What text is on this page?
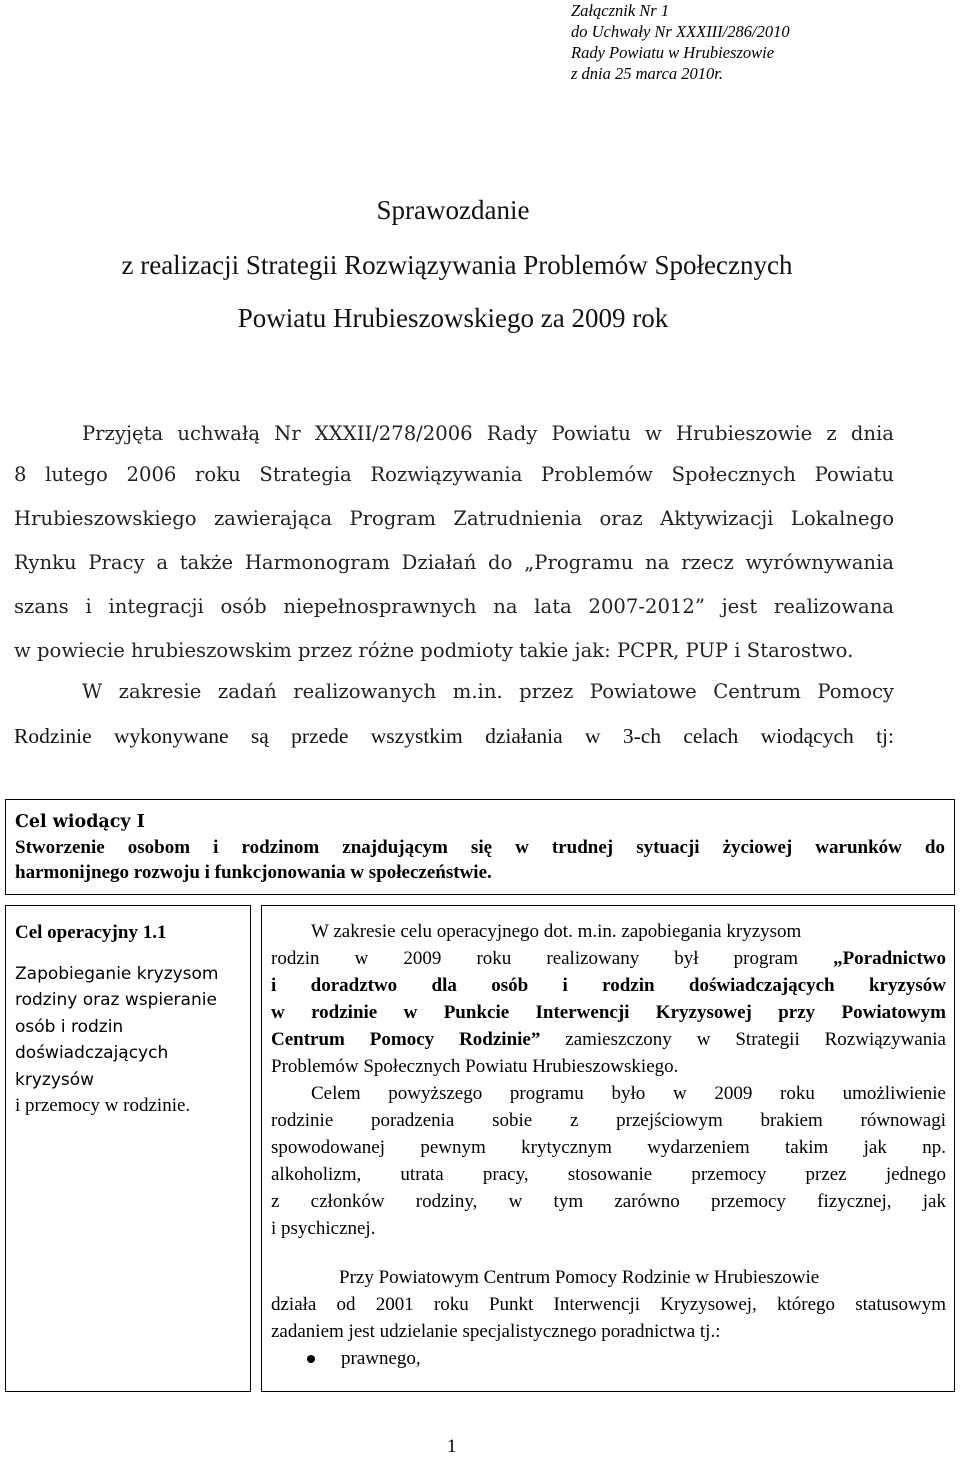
Załącznik Nr 1
do Uchwały Nr XXXIII/286/2010
Rady Powiatu w Hrubieszowie
z dnia 25 marca 2010r.
Sprawozdanie
z realizacji Strategii Rozwiązywania Problemów Społecznych
Powiatu Hrubieszowskiego za 2009 rok
Przyjęta uchwałą Nr XXXII/278/2006 Rady Powiatu w Hrubieszowie z dnia
8 lutego 2006 roku Strategia Rozwiązywania Problemów Społecznych Powiatu
Hrubieszowskiego zawierająca Program Zatrudnienia oraz Aktywizacji Lokalnego
Rynku Pracy a także Harmonogram Działań do „Programu na rzecz wyrównywania
szans i integracji osób niepełnosprawnych na lata 2007-2012” jest realizowana
w powiecie hrubieszowskim przez różne podmioty takie jak: PCPR, PUP i Starostwo.
W zakresie zadań realizowanych m.in. przez Powiatowe Centrum Pomocy
Rodzinie wykonywane są przede wszystkim działania w 3-ch celach wiodących tj:
Cel wiodący I
Stworzenie osobom i rodzinom znajdującym się w trudnej sytuacji życiowej warunków do
harmonijnego rozwoju i funkcjonowania w społeczeństwie.
Cel operacyjny 1.1
Zapobieganie kryzysom
rodziny oraz wspieranie
osób i rodzin
doświadczających
kryzysów
i przemocy w rodzinie.
W zakresie celu operacyjnego dot. m.in. zapobiegania kryzysom
rodzin w 2009 roku realizowany był program „Poradnictwo
i doradztwo dla osób i rodzin doświadczających kryzysów
w rodzinie w Punkcie Interwencji Kryzysowej przy Powiatowym
Centrum Pomocy Rodzinie” zamieszczony w Strategii Rozwiązywania
Problemów Społecznych Powiatu Hrubieszowskiego.
Celem powyższego programu było w 2009 roku umożliwienie
rodzinie poradzenia sobie z przejściowym brakiem równowagi
spowodowanej pewnym krytycznym wydarzeniem takim jak np.
alkoholizm, utrata pracy, stosowanie przemocy przez jednego
z członków rodziny, w tym zarówno przemocy fizycznej, jak
i psychicznej.
Przy Powiatowym Centrum Pomocy Rodzinie w Hrubieszowie
działa od 2001 roku Punkt Interwencji Kryzysowej, którego statusowym
zadaniem jest udzielanie specjalistycznego poradnictwa tj.:
prawnego,
1
